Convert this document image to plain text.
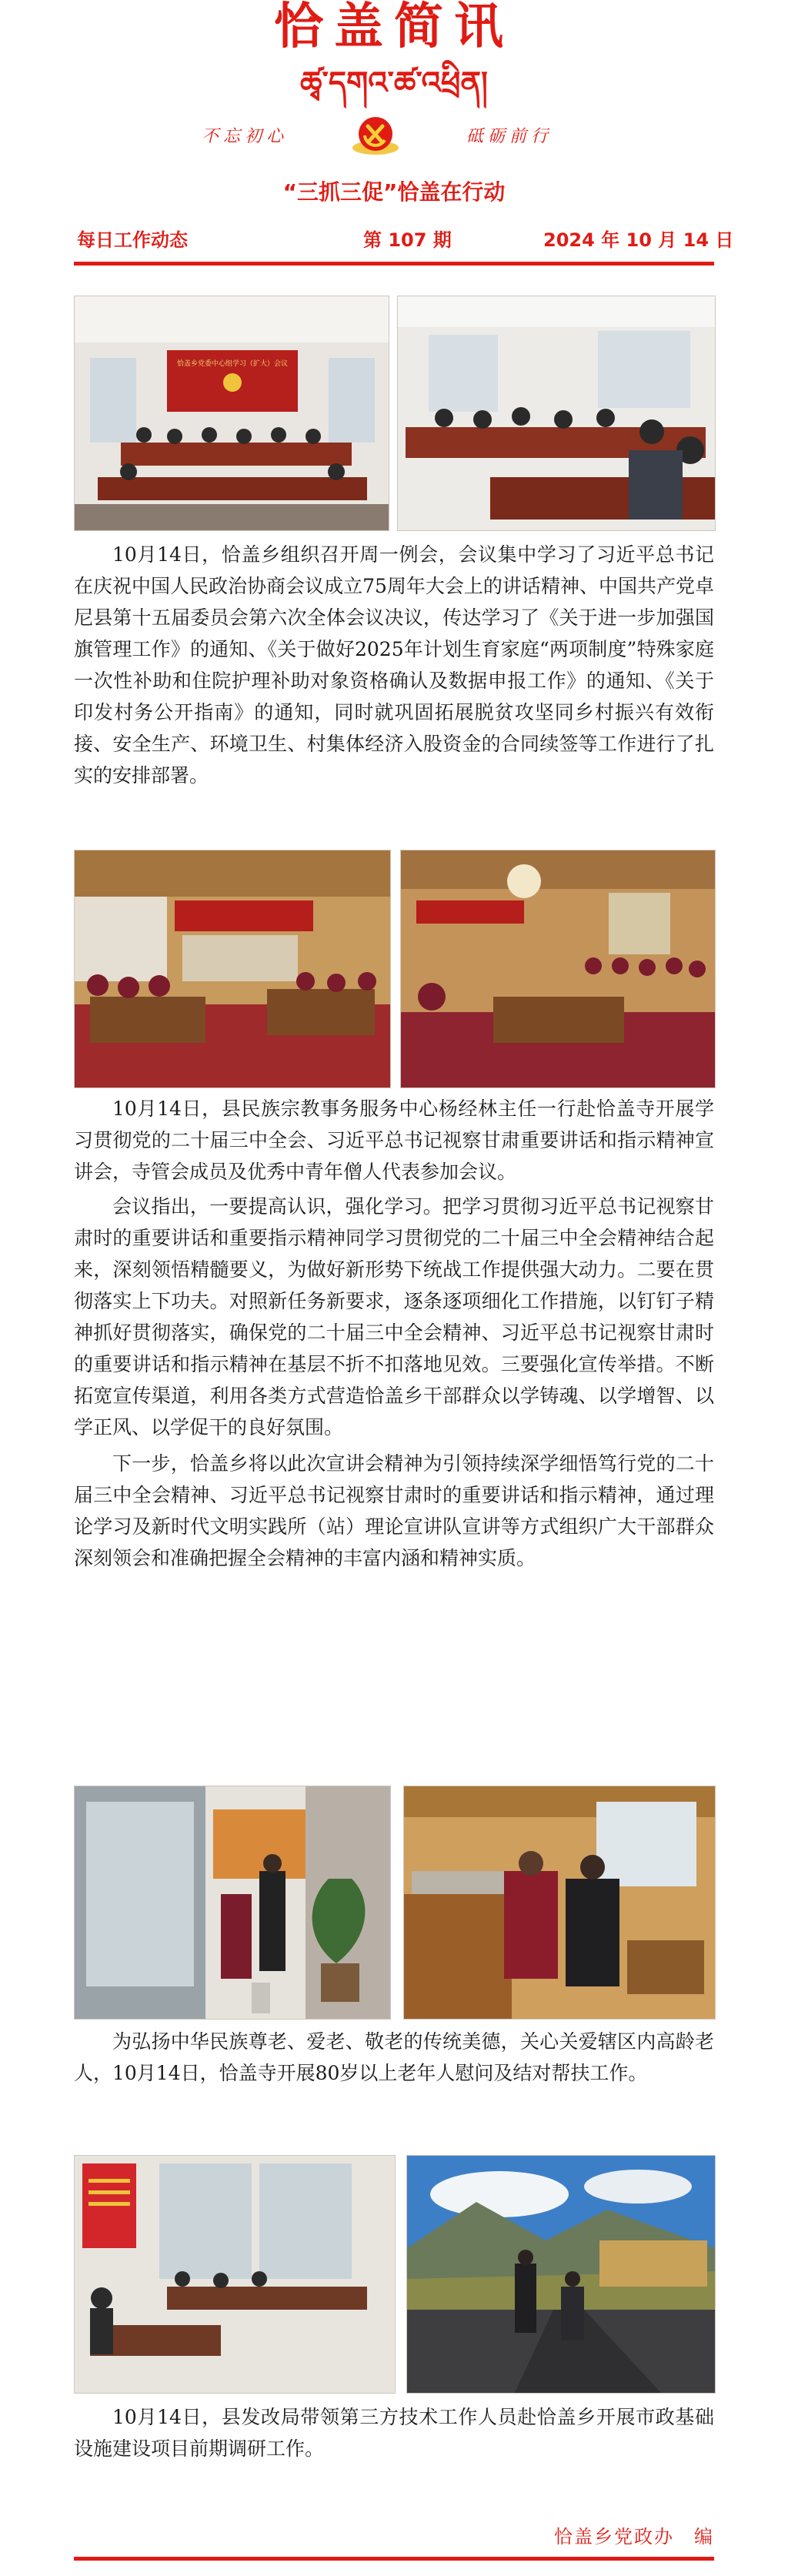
恰盖简讯
ཚྭ་དགའ་ཚ་འཕྲིན།
不忘初心	砥砺前行
“三抓三促”恰盖在行动
每日工作动态	第 107 期	2024 年 10 月 14 日
恰盖乡党委中心组学习（扩大）会议

10月14日，恰盖乡组织召开周一例会，会议集中学习了习近平总书记在庆祝中国人民政治协商会议成立75周年大会上的讲话精神、中国共产党卓尼县第十五届委员会第六次全体会议决议，传达学习了《关于进一步加强国旗管理工作》的通知、《关于做好2025年计划生育家庭“两项制度”特殊家庭一次性补助和住院护理补助对象资格确认及数据申报工作》的通知、《关于印发村务公开指南》的通知，同时就巩固拓展脱贫攻坚同乡村振兴有效衔接、安全生产、环境卫生、村集体经济入股资金的合同续签等工作进行了扎实的安排部署。

10月14日，县民族宗教事务服务中心杨经林主任一行赴恰盖寺开展学习贯彻党的二十届三中全会、习近平总书记视察甘肃重要讲话和指示精神宣讲会，寺管会成员及优秀中青年僧人代表参加会议。

会议指出，一要提高认识，强化学习。把学习贯彻习近平总书记视察甘肃时的重要讲话和重要指示精神同学习贯彻党的二十届三中全会精神结合起来，深刻领悟精髓要义，为做好新形势下统战工作提供强大动力。二要在贯彻落实上下功夫。对照新任务新要求，逐条逐项细化工作措施，以钉钉子精神抓好贯彻落实，确保党的二十届三中全会精神、习近平总书记视察甘肃时的重要讲话和指示精神在基层不折不扣落地见效。三要强化宣传举措。不断拓宽宣传渠道，利用各类方式营造恰盖乡干部群众以学铸魂、以学增智、以学正风、以学促干的良好氛围。

下一步，恰盖乡将以此次宣讲会精神为引领持续深学细悟笃行党的二十届三中全会精神、习近平总书记视察甘肃时的重要讲话和指示精神，通过理论学习及新时代文明实践所（站）理论宣讲队宣讲等方式组织广大干部群众深刻领会和准确把握全会精神的丰富内涵和精神实质。

为弘扬中华民族尊老、爱老、敬老的传统美德，关心关爱辖区内高龄老人，10月14日，恰盖寺开展80岁以上老年人慰问及结对帮扶工作。

10月14日，县发改局带领第三方技术工作人员赴恰盖乡开展市政基础设施建设项目前期调研工作。

恰盖乡党政办　编
